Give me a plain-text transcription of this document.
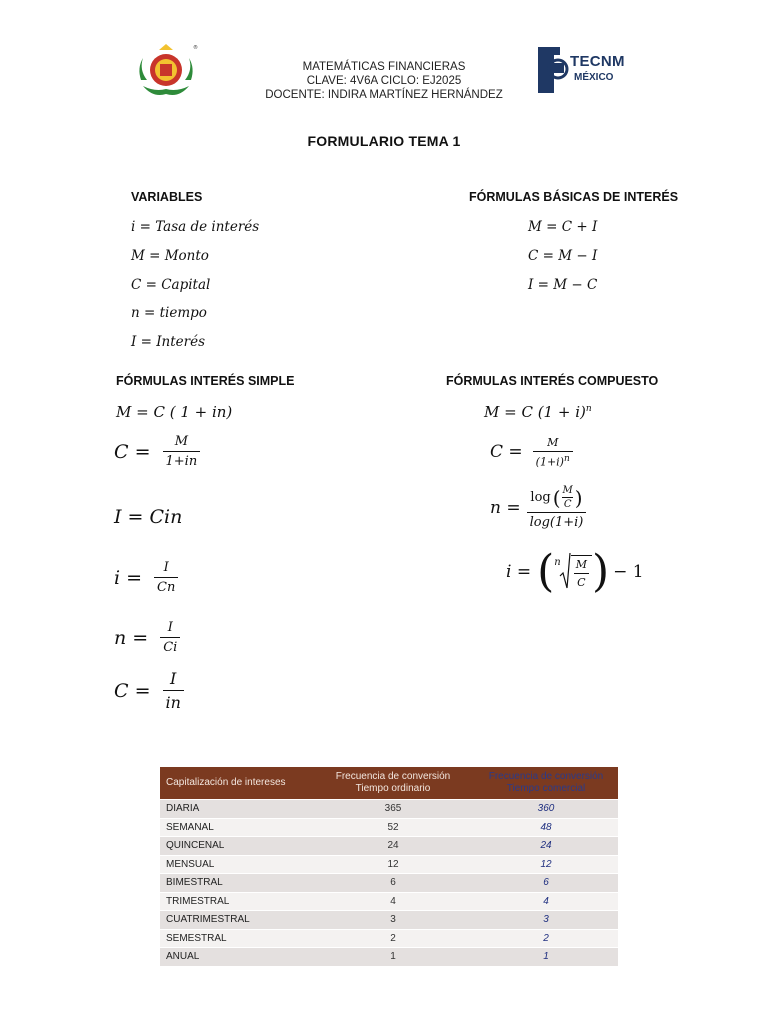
®
MATEMÁTICAS FINANCIERAS
CLAVE: 4V6A CICLO: EJ2025
DOCENTE: INDIRA MARTÍNEZ HERNÁNDEZ
TECNM
MÉXICO
FORMULARIO TEMA 1
VARIABLES
i = Tasa de interés
M = Monto
C = Capital
n = tiempo
I = Interés
FÓRMULAS BÁSICAS DE INTERÉS
M = C + I
C = M − I
I = M − C
FÓRMULAS INTERÉS SIMPLE
M = C ( 1 + in)
$C = \frac{M}{1+in}$
I = Cin
$i = \frac{I}{Cn}$
$n = \frac{I}{Ci}$
$C = \frac{I}{in}$
FÓRMULAS INTERÉS COMPUESTO
M = C $(1 + i)^n$
$C = \frac{M}{(1+i)^n}$
$n = \frac{\log ( \frac{M}{C} )}{\log(1+i)}$
i = ( n $\frac{M}{C}$ ) − 1
Capitalización de intereses	Frecuencia de conversión Tiempo ordinario	Frecuencia de conversión Tiempo comercial
DIARIA	365	360
SEMANAL	52	48
QUINCENAL	24	24
MENSUAL	12	12
BIMESTRAL	6	6
TRIMESTRAL	4	4
CUATRIMESTRAL	3	3
SEMESTRAL	2	2
ANUAL	1	1
